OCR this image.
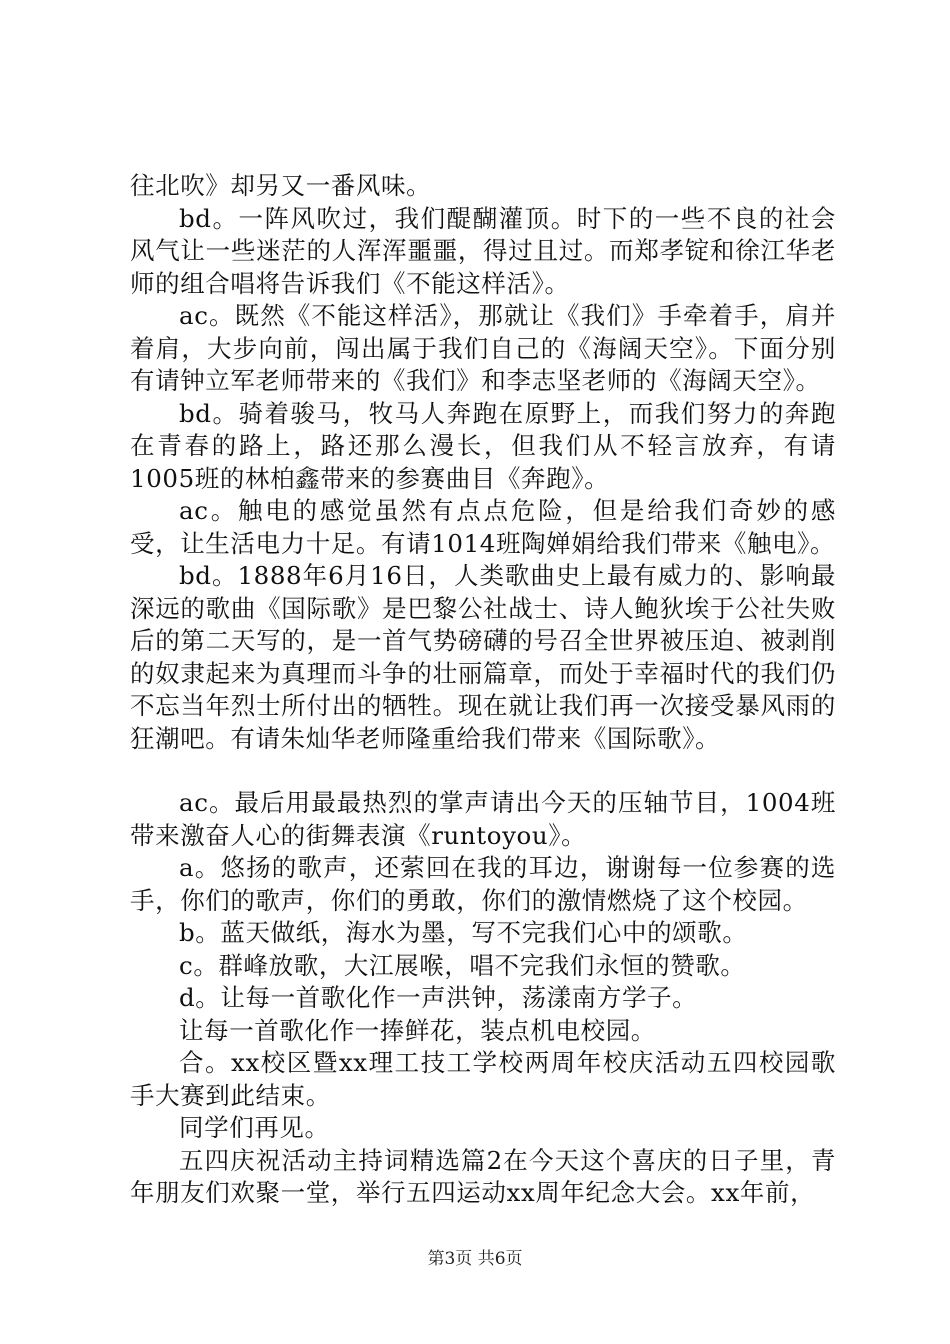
往北吹》却另又一番风味。

bd。一阵风吹过，我们醍醐灌顶。时下的一些不良的社会风气让一些迷茫的人浑浑噩噩，得过且过。而郑孝锭和徐江华老师的组合唱将告诉我们《不能这样活》。

ac。既然《不能这样活》，那就让《我们》手牵着手，肩并着肩，大步向前，闯出属于我们自己的《海阔天空》。下面分别有请钟立军老师带来的《我们》和李志坚老师的《海阔天空》。

bd。骑着骏马，牧马人奔跑在原野上，而我们努力的奔跑在青春的路上，路还那么漫长，但我们从不轻言放弃，有请1005班的林柏鑫带来的参赛曲目《奔跑》。

ac。触电的感觉虽然有点点危险，但是给我们奇妙的感受，让生活电力十足。有请1014班陶婵娟给我们带来《触电》。

bd。1888年6月16日，人类歌曲史上最有威力的、影响最深远的歌曲《国际歌》是巴黎公社战士、诗人鲍狄埃于公社失败后的第二天写的，是一首气势磅礴的号召全世界被压迫、被剥削的奴隶起来为真理而斗争的壮丽篇章，而处于幸福时代的我们仍不忘当年烈士所付出的牺牲。现在就让我们再一次接受暴风雨的狂潮吧。有请朱灿华老师隆重给我们带来《国际歌》。

ac。最后用最最热烈的掌声请出今天的压轴节目，1004班带来激奋人心的街舞表演《runtoyou》。

a。悠扬的歌声，还萦回在我的耳边，谢谢每一位参赛的选手，你们的歌声，你们的勇敢，你们的激情燃烧了这个校园。

b。蓝天做纸，海水为墨，写不完我们心中的颂歌。

c。群峰放歌，大江展喉，唱不完我们永恒的赞歌。

d。让每一首歌化作一声洪钟，荡漾南方学子。

让每一首歌化作一捧鲜花，装点机电校园。

合。xx校区暨xx理工技工学校两周年校庆活动五四校园歌手大赛到此结束。

同学们再见。

五四庆祝活动主持词精选篇2在今天这个喜庆的日子里，青年朋友们欢聚一堂，举行五四运动xx周年纪念大会。xx年前，

第3页 共6页
